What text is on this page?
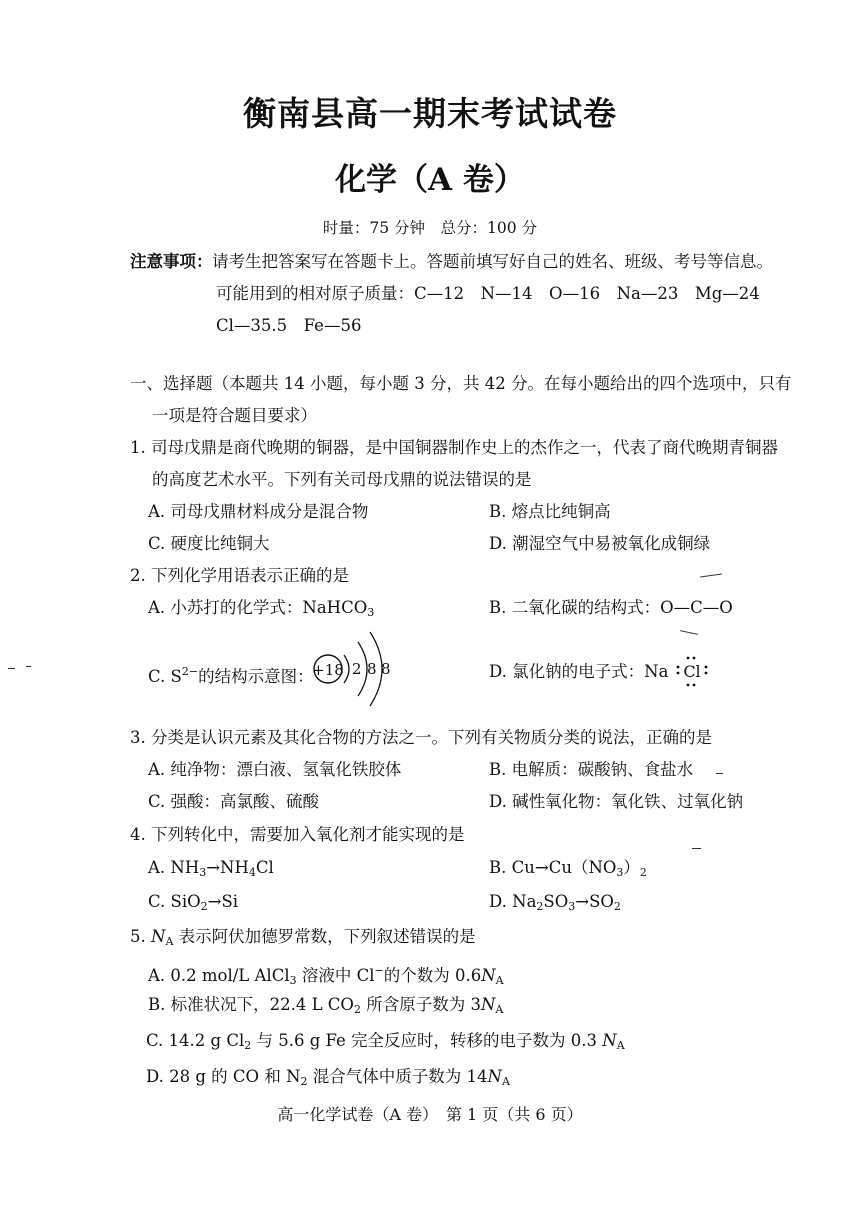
衡南县高一期末考试试卷
化学（A 卷）
时量：75 分钟　总分：100 分
注意事项： 请考生把答案写在答题卡上。答题前填写好自己的姓名、班级、考号等信息。
可能用到的相对原子质量：C—12　N—14　O—16　Na—23　Mg—24
Cl—35.5　Fe—56
一、选择题（本题共 14 小题，每小题 3 分，共 42 分。在每小题给出的四个选项中，只有
一项是符合题目要求）
1. 司母戊鼎是商代晚期的铜器，是中国铜器制作史上的杰作之一，代表了商代晚期青铜器
的高度艺术水平。下列有关司母戊鼎的说法错误的是
A. 司母戊鼎材料成分是混合物	B. 熔点比纯铜高
C. 硬度比纯铜大	D. 潮湿空气中易被氧化成铜绿
2. 下列化学用语表示正确的是
A. 小苏打的化学式：NaHCO$_3$	B. 二氧化碳的结构式：O—C—O
C. $S^{2-}$的结构示意图：
+18 2 8 8	D. 氯化钠的电子式：Na Cl
3. 分类是认识元素及其化合物的方法之一。下列有关物质分类的说法，正确的是
A. 纯净物：漂白液、氢氧化铁胶体	B. 电解质：碳酸钠、食盐水
C. 强酸：高氯酸、硫酸	D. 碱性氧化物：氧化铁、过氧化钠
4. 下列转化中，需要加入氧化剂才能实现的是
A. $NH_3\to NH_4Cl$	B. $Cu\to Cu(NO_3)_2$
C. SiO$_2$→Si	D. $Na_2SO_3\to SO_2$
5. $N_A$ 表示阿伏加德罗常数，下列叙述错误的是
A. 0.2 mol/L AlCl$_3$ 溶液中 Cl−的个数为 $0.6N_A$
B. 标准状况下，22.4 L $CO_2$ 所含原子数为 $3N_A$
C. 14.2 g $Cl_2$ 与 5.6 g Fe 完全反应时，转移的电子数为 0.3 $N_A$
D. 28 g 的 CO 和 $N_2$ 混合气体中质子数为 $14N_A$
高一化学试卷（A 卷）　第 1 页（共 6 页）
